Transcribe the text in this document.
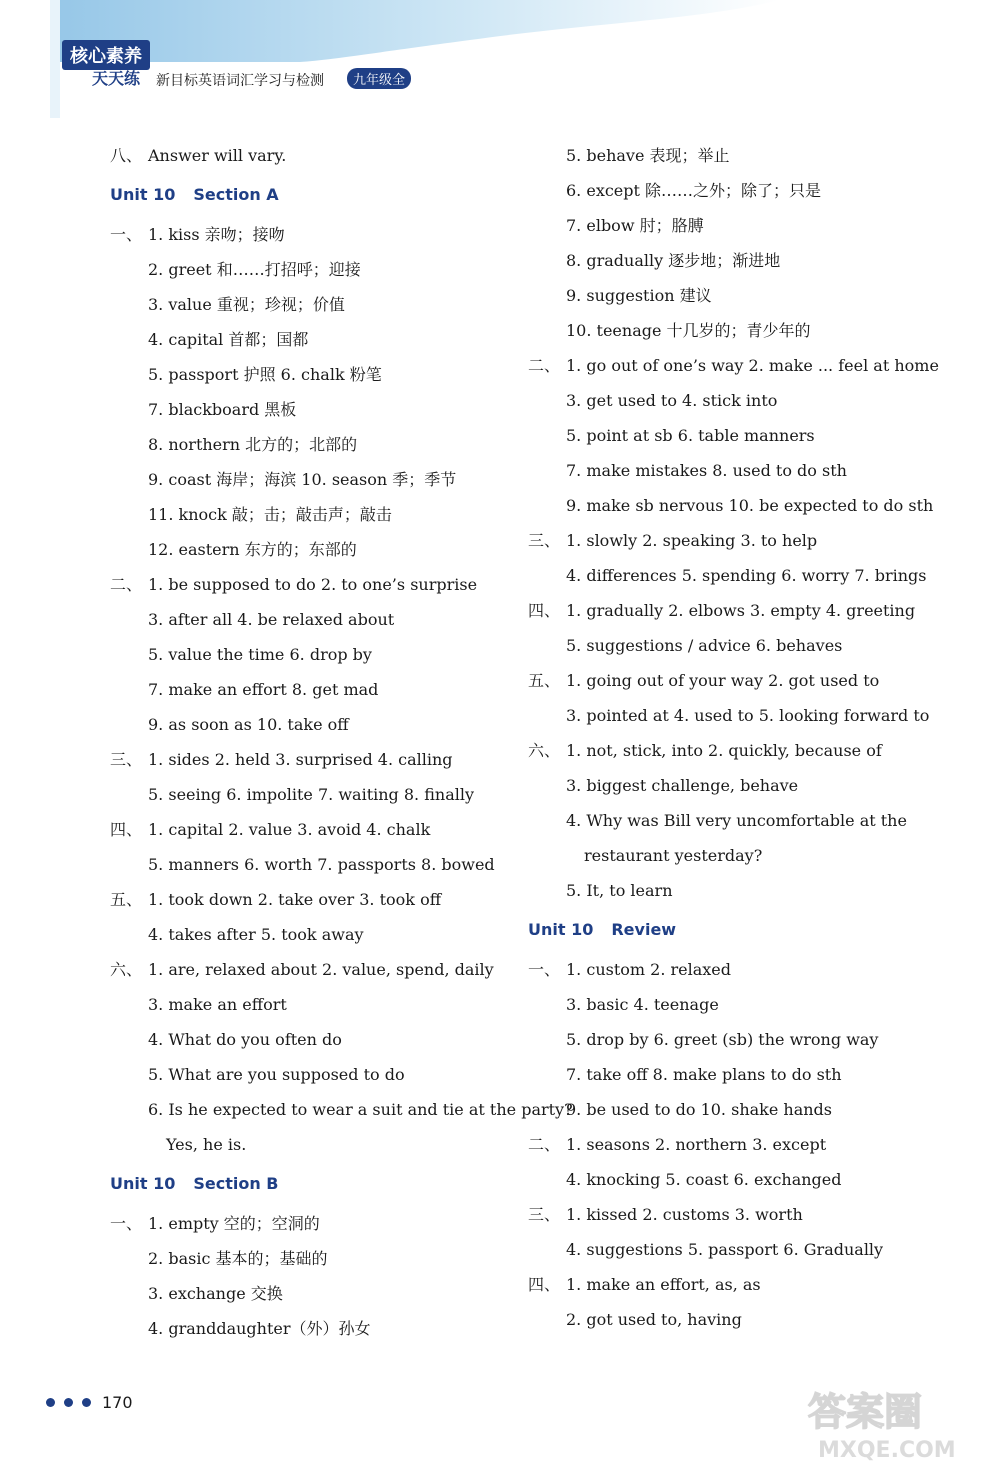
核心素养
天天练 新目标英语词汇学习与检测	九年级全
八、 Answer will vary.
Unit 10 Section A
一、 1. kiss 亲吻；接吻
2. greet 和……打招呼；迎接
3. value 重视；珍视；价值
4. capital 首都；国都
5. passport 护照 6. chalk 粉笔
7. blackboard 黑板
8. northern 北方的；北部的
9. coast 海岸；海滨 10. season 季；季节
11. knock 敲；击；敲击声；敲击
12. eastern 东方的；东部的
二、 1. be supposed to do 2. to one’s surprise
3. after all 4. be relaxed about
5. value the time 6. drop by
7. make an effort 8. get mad
9. as soon as 10. take off
三、 1. sides 2. held 3. surprised 4. calling
5. seeing 6. impolite 7. waiting 8. finally
四、 1. capital 2. value 3. avoid 4. chalk
5. manners 6. worth 7. passports 8. bowed
五、 1. took down 2. take over 3. took off
4. takes after 5. took away
六、 1. are, relaxed about 2. value, spend, daily
3. make an effort
4. What do you often do
5. What are you supposed to do
6. Is he expected to wear a suit and tie at the party?
Yes, he is.
Unit 10 Section B
一、 1. empty 空的；空洞的
2. basic 基本的；基础的
3. exchange 交换
4. granddaughter（外）孙女
5. behave 表现；举止
6. except 除……之外；除了；只是
7. elbow 肘；胳膊
8. gradually 逐步地；渐进地
9. suggestion 建议
10. teenage 十几岁的；青少年的
二、 1. go out of one’s way 2. make ... feel at home
3. get used to 4. stick into
5. point at sb 6. table manners
7. make mistakes 8. used to do sth
9. make sb nervous 10. be expected to do sth
三、 1. slowly 2. speaking 3. to help
4. differences 5. spending 6. worry 7. brings
四、 1. gradually 2. elbows 3. empty 4. greeting
5. suggestions / advice 6. behaves
五、 1. going out of your way 2. got used to
3. pointed at 4. used to 5. looking forward to
六、 1. not, stick, into 2. quickly, because of
3. biggest challenge, behave
4. Why was Bill very uncomfortable at the
restaurant yesterday?
5. It, to learn
Unit 10 Review
一、 1. custom 2. relaxed
3. basic 4. teenage
5. drop by 6. greet (sb) the wrong way
7. take off 8. make plans to do sth
9. be used to do 10. shake hands
二、 1. seasons 2. northern 3. except
4. knocking 5. coast 6. exchanged
三、 1. kissed 2. customs 3. worth
4. suggestions 5. passport 6. Gradually
四、 1. make an effort, as, as
2. got used to, having
170	答案圈
MXQE.COM
